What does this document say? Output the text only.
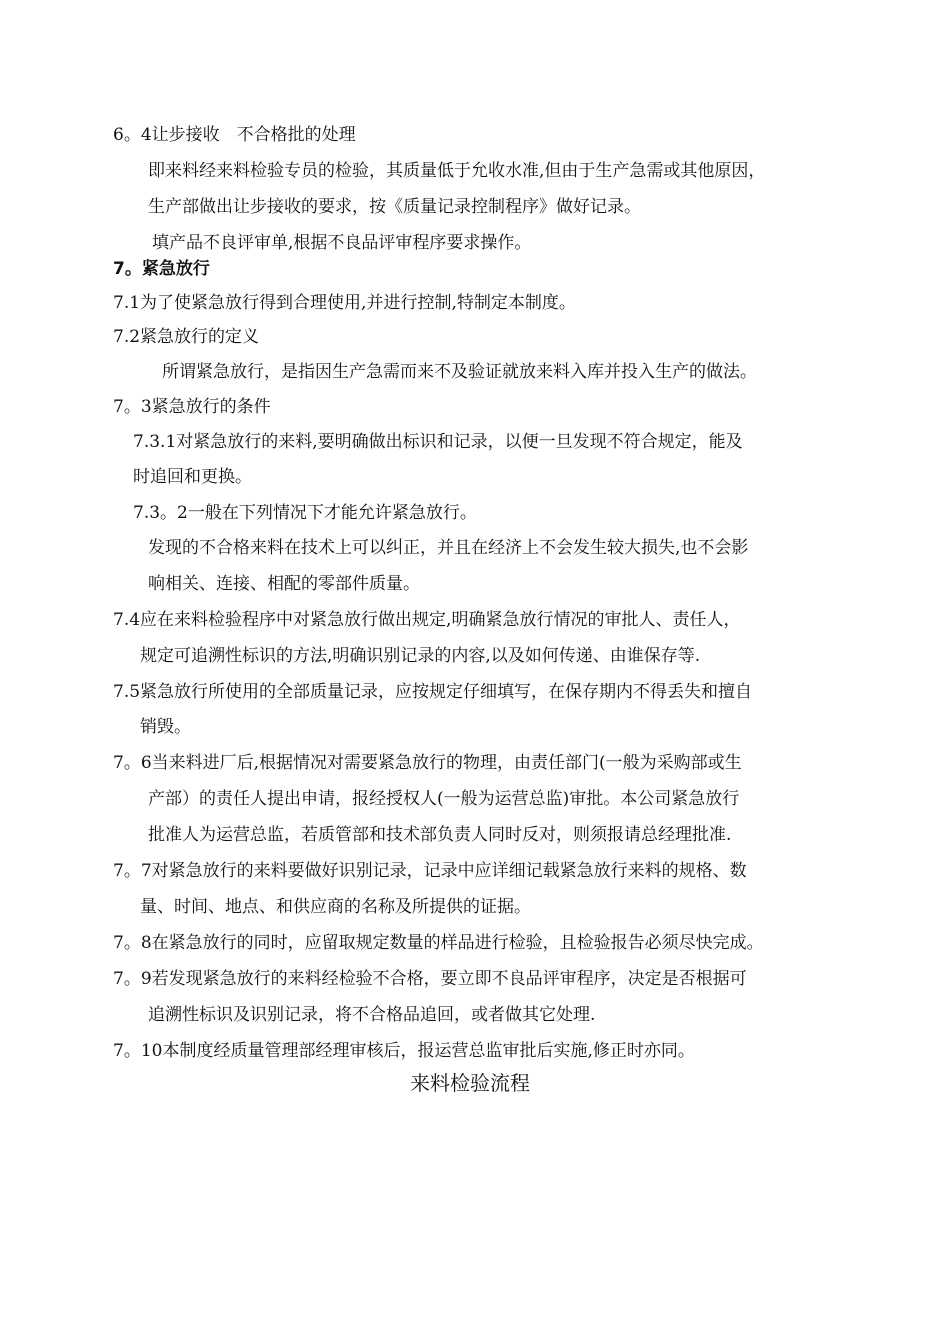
6。4让步接收　不合格批的处理
即来料经来料检验专员的检验，其质量低于允收水准,但由于生产急需或其他原因，
生产部做出让步接收的要求，按《质量记录控制程序》做好记录。
填产品不良评审单,根据不良品评审程序要求操作。
7。紧急放行
7.1为了使紧急放行得到合理使用,并进行控制,特制定本制度。
7.2紧急放行的定义
所谓紧急放行，是指因生产急需而来不及验证就放来料入库并投入生产的做法。
7。3紧急放行的条件
7.3.1对紧急放行的来料,要明确做出标识和记录，以便一旦发现不符合规定，能及
时追回和更换。
7.3。2一般在下列情况下才能允许紧急放行。
发现的不合格来料在技术上可以纠正，并且在经济上不会发生较大损失,也不会影
响相关、连接、相配的零部件质量。
7.4应在来料检验程序中对紧急放行做出规定,明确紧急放行情况的审批人、责任人，
规定可追溯性标识的方法,明确识别记录的内容,以及如何传递、由谁保存等.
7.5紧急放行所使用的全部质量记录，应按规定仔细填写，在保存期内不得丢失和擅自
销毁。
7。6当来料进厂后,根据情况对需要紧急放行的物理，由责任部门(一般为采购部或生
产部）的责任人提出申请，报经授权人(一般为运营总监)审批。本公司紧急放行
批准人为运营总监，若质管部和技术部负责人同时反对，则须报请总经理批准.
7。7对紧急放行的来料要做好识别记录，记录中应详细记载紧急放行来料的规格、数
量、时间、地点、和供应商的名称及所提供的证据。
7。8在紧急放行的同时，应留取规定数量的样品进行检验，且检验报告必须尽快完成。
7。9若发现紧急放行的来料经检验不合格，要立即不良品评审程序，决定是否根据可
追溯性标识及识别记录，将不合格品追回，或者做其它处理.
7。10本制度经质量管理部经理审核后，报运营总监审批后实施,修正时亦同。
来料检验流程
